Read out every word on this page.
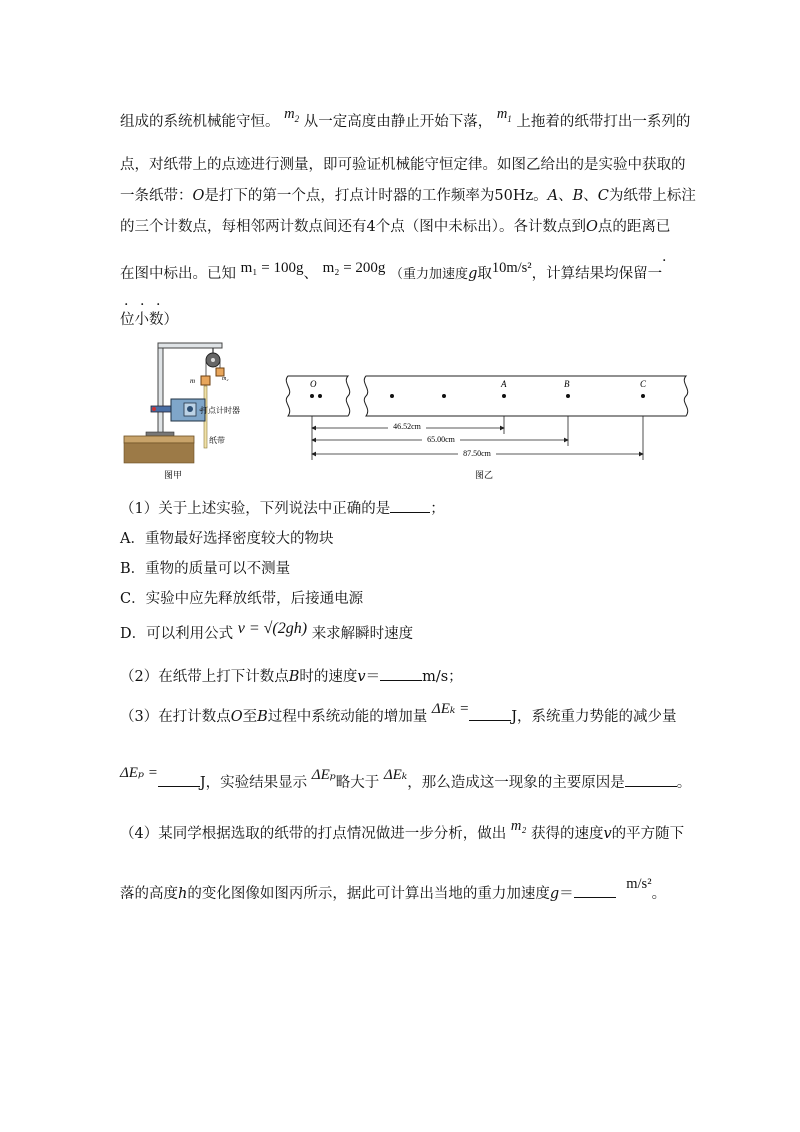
组成的系统机械能守恒。 $m_2$ 从一定高度由静止开始下落， $m_1$ 上拖着的纸带打出一系列的
点，对纸带上的点迹进行测量，即可验证机械能守恒定律。如图乙给出的是实验中获取的
一条纸带：O是打下的第一个点，打点计时器的工作频率为50Hz。A、B、C为纸带上标注
的三个计数点，每相邻两计数点间还有4个点（图中未标出）。各计数点到O点的距离已
在图中标出。已知 m₁ = 100g、 m₂ = 200g （重力加速度g取10m/s²，计算结果均保留一
.
. . .
位小数）
m	m₂
打点计时器
纸带
图甲
O	A	B	C
46.52cm
65.00cm
87.50cm
图乙
（1）关于上述实验，下列说法中正确的是	；
A．重物最好选择密度较大的物块
B．重物的质量可以不测量
C．实验中应先释放纸带，后接通电源
D．可以利用公式 v = √(2gh) 来求解瞬时速度
（2）在纸带上打下计数点B时的速度v＝	m/s；
（3）在打计数点O至B过程中系统动能的增加量 ΔEₖ =	J，系统重力势能的减少量
ΔEₚ =J，实验结果显示 ΔEₚ略大于 ΔEₖ，那么造成这一现象的主要原因是	。
（4）某同学根据选取的纸带的打点情况做进一步分析，做出 m₂ 获得的速度v的平方随下
落的高度h的变化图像如图丙所示，据此可计算出当地的重力加速度g＝ m/s²。
